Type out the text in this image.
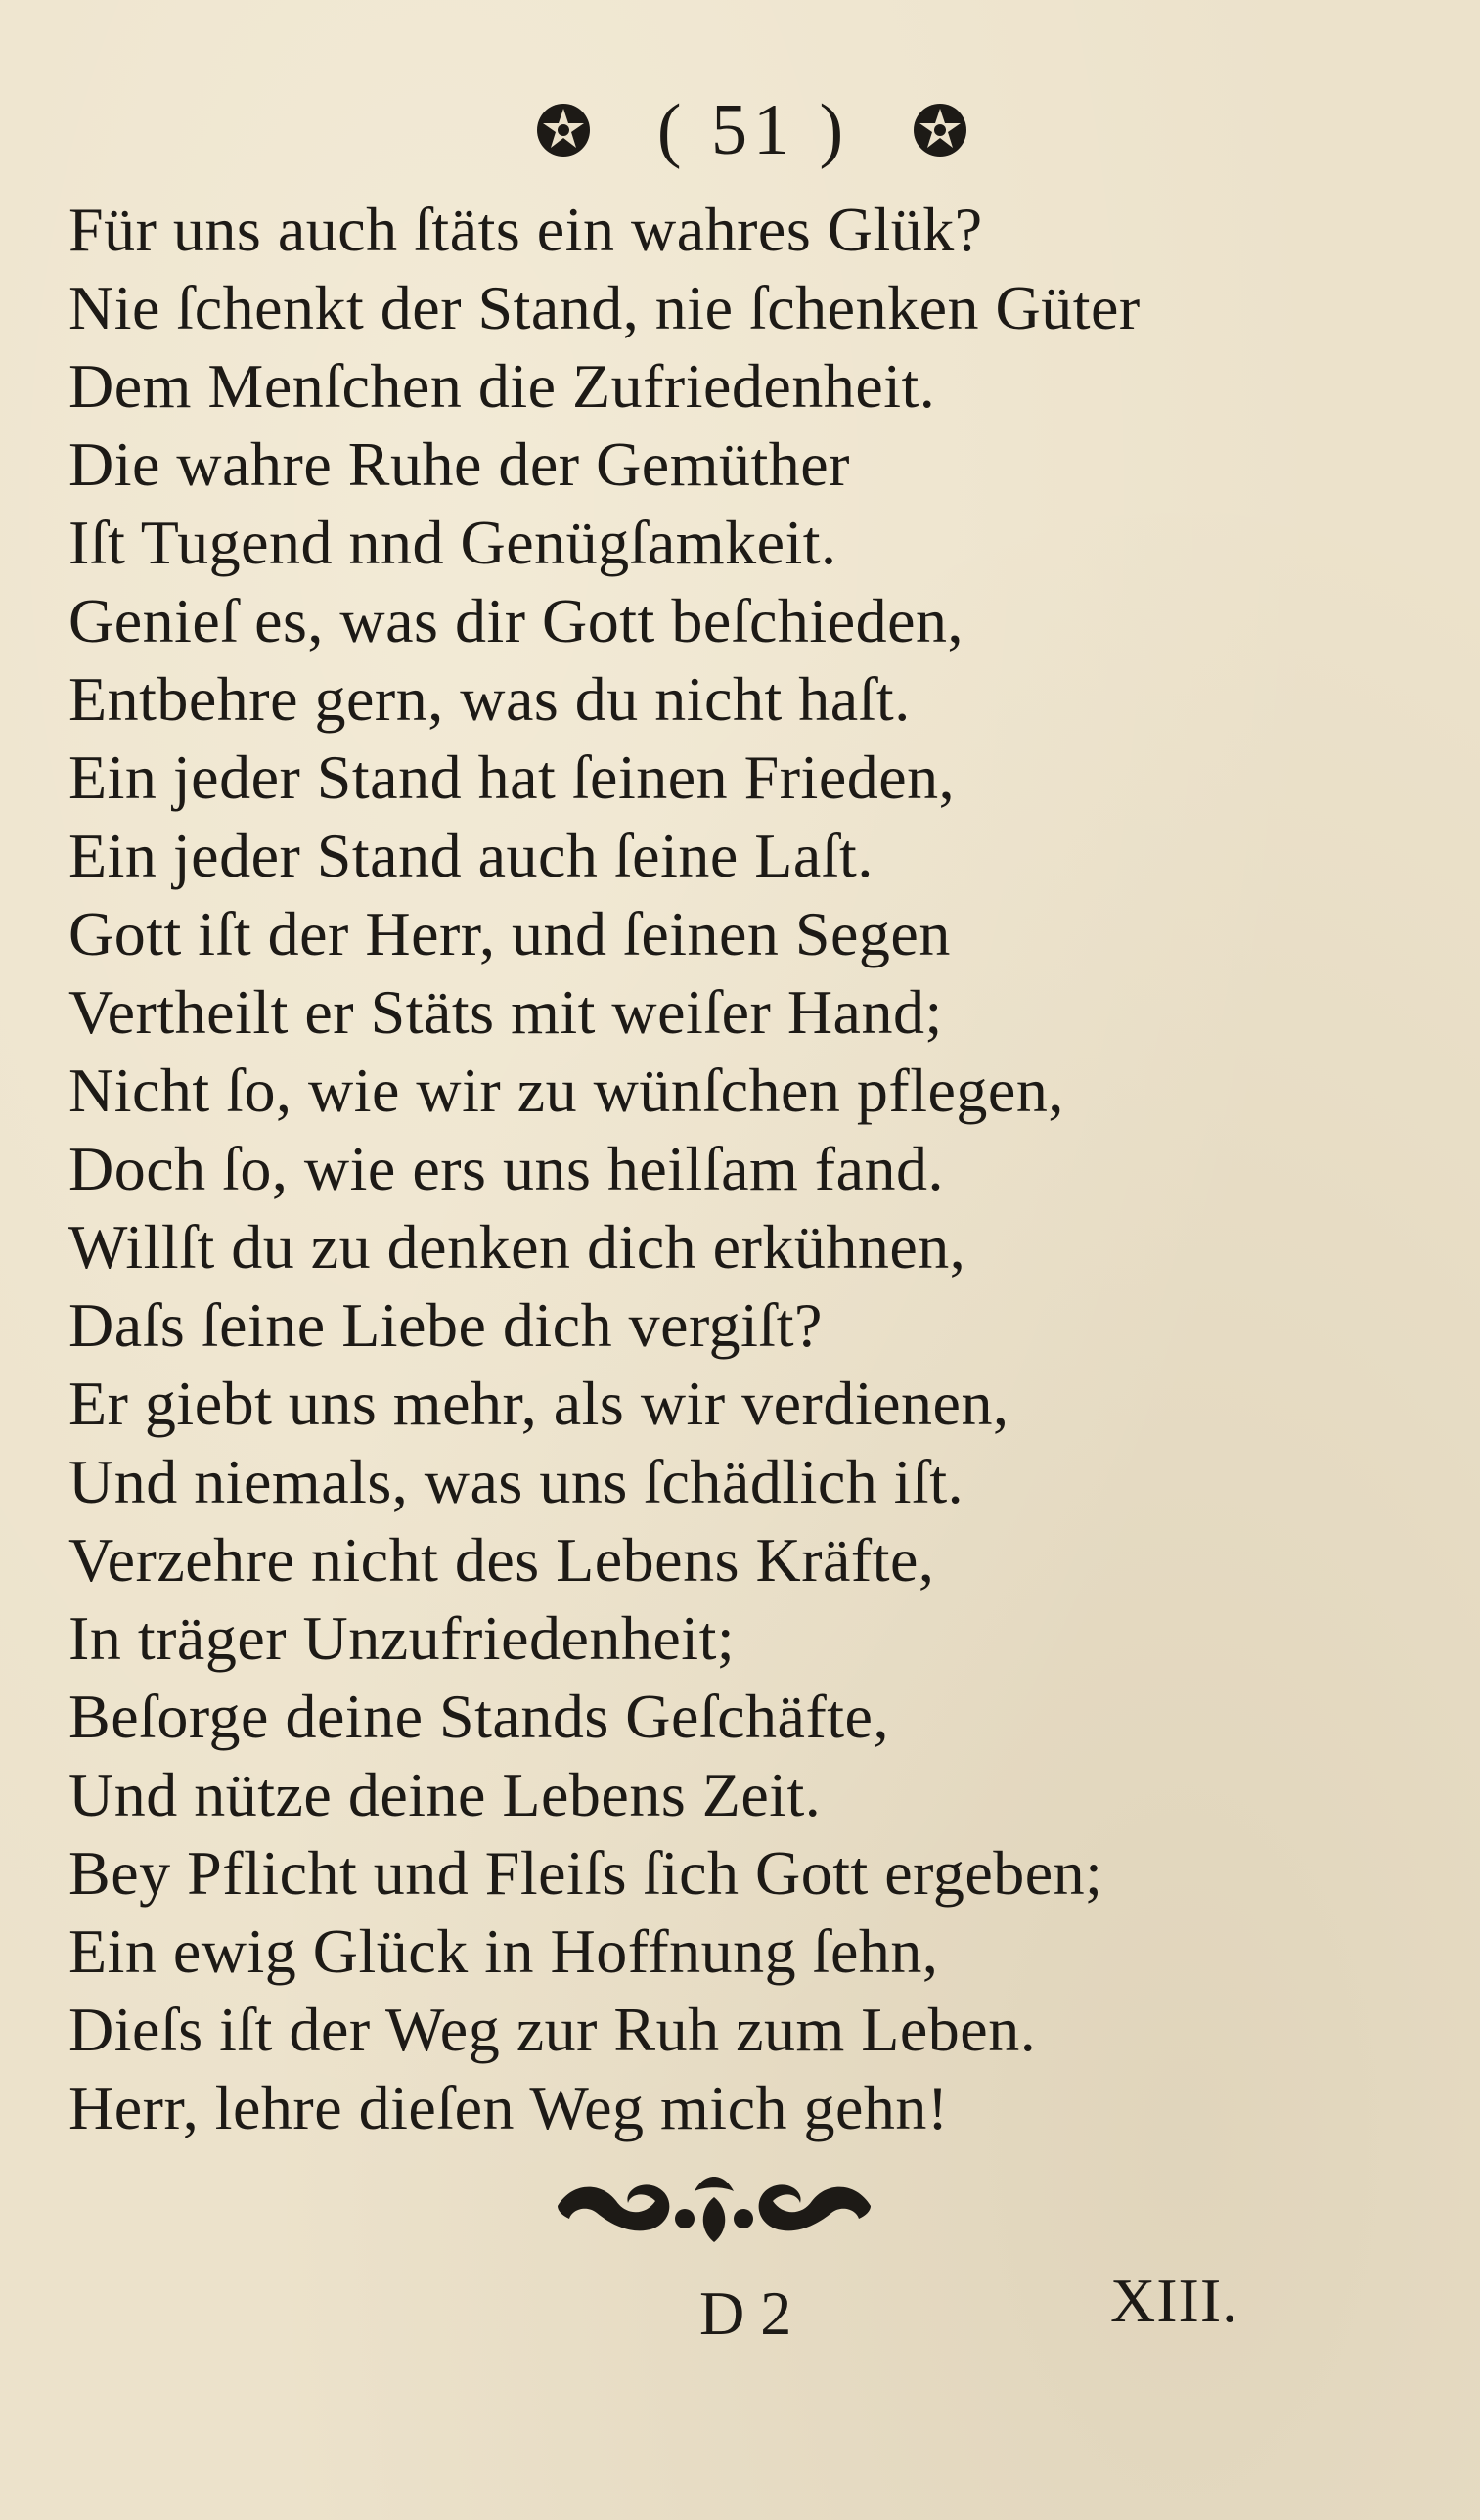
( 51 )
Für uns auch ſtäts ein wahres Glük?
Nie ſchenkt der Stand, nie ſchenken Güter
Dem Menſchen die Zufriedenheit.
Die wahre Ruhe der Gemüther
Iſt Tugend nnd Genügſamkeit.
Genieſ es, was dir Gott beſchieden,
Entbehre gern, was du nicht haſt.
Ein jeder Stand hat ſeinen Frieden,
Ein jeder Stand auch ſeine Laſt.
Gott iſt der Herr, und ſeinen Segen
Vertheilt er Stäts mit weiſer Hand;
Nicht ſo, wie wir zu wünſchen pflegen,
Doch ſo, wie ers uns heilſam fand.
Willſt du zu denken dich erkühnen,
Daſs ſeine Liebe dich vergiſt?
Er giebt uns mehr, als wir verdienen,
Und niemals, was uns ſchädlich iſt.
Verzehre nicht des Lebens Kräfte,
In träger Unzufriedenheit;
Beſorge deine Stands Geſchäfte,
Und nütze deine Lebens Zeit.
Bey Pflicht und Fleiſs ſich Gott ergeben;
Ein ewig Glück in Hoffnung ſehn,
Dieſs iſt der Weg zur Ruh zum Leben.
Herr, lehre dieſen Weg mich gehn!
D 2	XIII.
